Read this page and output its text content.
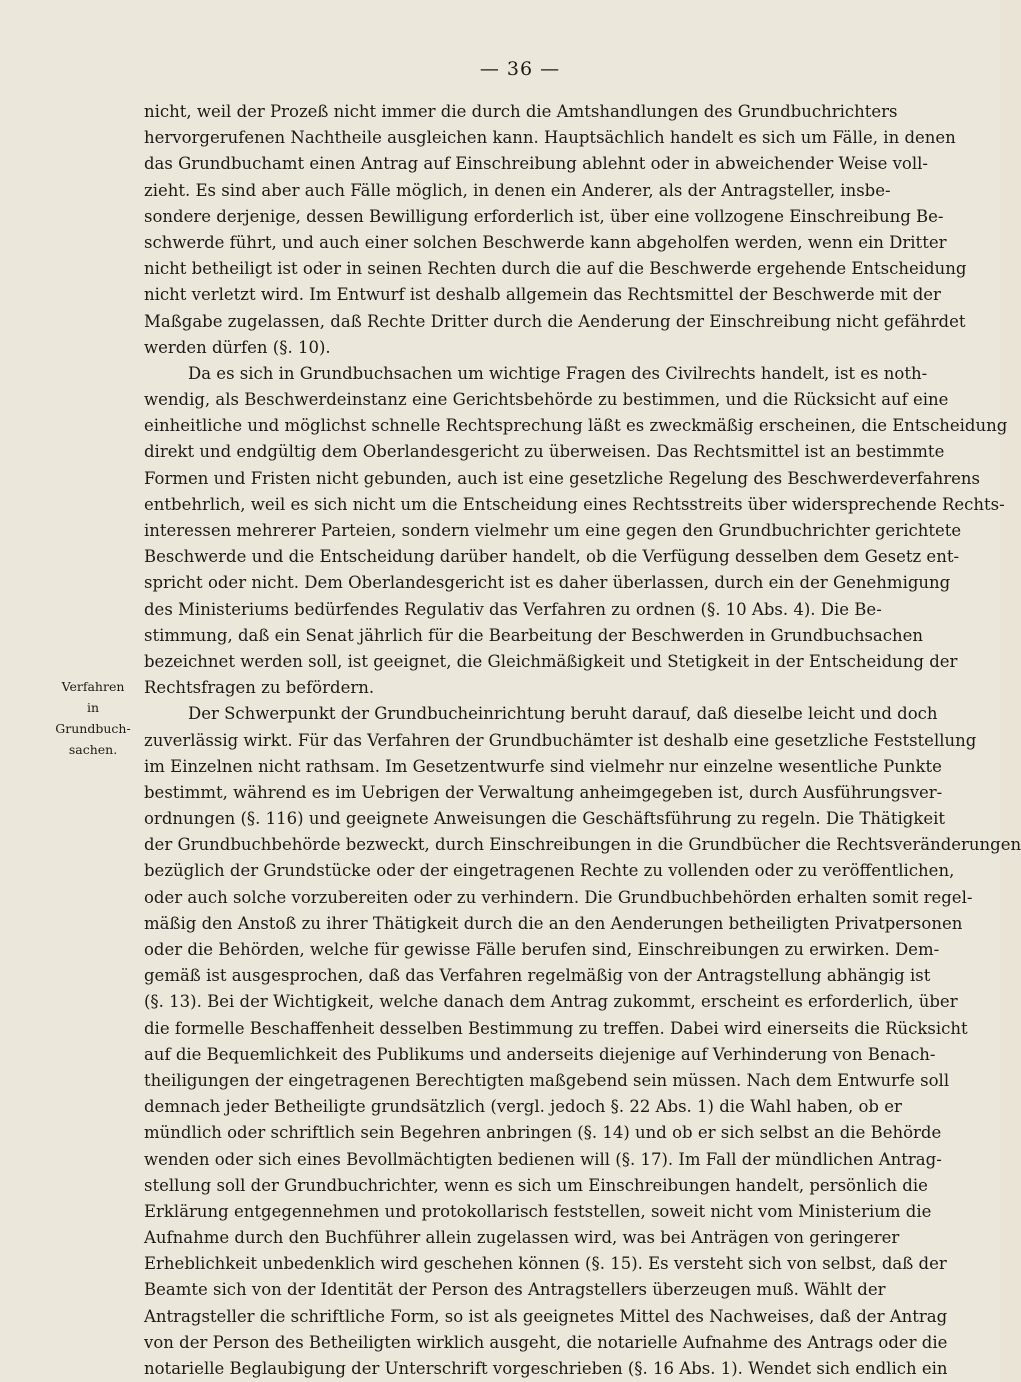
— 36 —
Verfahren
in
Grundbuch-
sachen.
nicht, weil der Prozeß nicht immer die durch die Amtshandlungen des Grundbuchrichters
hervorgerufenen Nachtheile ausgleichen kann. Hauptsächlich handelt es sich um Fälle, in denen
das Grundbuchamt einen Antrag auf Einschreibung ablehnt oder in abweichender Weise voll-
zieht. Es sind aber auch Fälle möglich, in denen ein Anderer, als der Antragsteller, insbe-
sondere derjenige, dessen Bewilligung erforderlich ist, über eine vollzogene Einschreibung Be-
schwerde führt, und auch einer solchen Beschwerde kann abgeholfen werden, wenn ein Dritter
nicht betheiligt ist oder in seinen Rechten durch die auf die Beschwerde ergehende Entscheidung
nicht verletzt wird. Im Entwurf ist deshalb allgemein das Rechtsmittel der Beschwerde mit der
Maßgabe zugelassen, daß Rechte Dritter durch die Aenderung der Einschreibung nicht gefährdet
werden dürfen (§. 10).
Da es sich in Grundbuchsachen um wichtige Fragen des Civilrechts handelt, ist es noth-
wendig, als Beschwerdeinstanz eine Gerichtsbehörde zu bestimmen, und die Rücksicht auf eine
einheitliche und möglichst schnelle Rechtsprechung läßt es zweckmäßig erscheinen, die Entscheidung
direkt und endgültig dem Oberlandesgericht zu überweisen. Das Rechtsmittel ist an bestimmte
Formen und Fristen nicht gebunden, auch ist eine gesetzliche Regelung des Beschwerdeverfahrens
entbehrlich, weil es sich nicht um die Entscheidung eines Rechtsstreits über widersprechende Rechts-
interessen mehrerer Parteien, sondern vielmehr um eine gegen den Grundbuchrichter gerichtete
Beschwerde und die Entscheidung darüber handelt, ob die Verfügung desselben dem Gesetz ent-
spricht oder nicht. Dem Oberlandesgericht ist es daher überlassen, durch ein der Genehmigung
des Ministeriums bedürfendes Regulativ das Verfahren zu ordnen (§. 10 Abs. 4). Die Be-
stimmung, daß ein Senat jährlich für die Bearbeitung der Beschwerden in Grundbuchsachen
bezeichnet werden soll, ist geeignet, die Gleichmäßigkeit und Stetigkeit in der Entscheidung der
Rechtsfragen zu befördern.
Der Schwerpunkt der Grundbucheinrichtung beruht darauf, daß dieselbe leicht und doch
zuverlässig wirkt. Für das Verfahren der Grundbuchämter ist deshalb eine gesetzliche Feststellung
im Einzelnen nicht rathsam. Im Gesetzentwurfe sind vielmehr nur einzelne wesentliche Punkte
bestimmt, während es im Uebrigen der Verwaltung anheimgegeben ist, durch Ausführungsver-
ordnungen (§. 116) und geeignete Anweisungen die Geschäftsführung zu regeln. Die Thätigkeit
der Grundbuchbehörde bezweckt, durch Einschreibungen in die Grundbücher die Rechtsveränderungen
bezüglich der Grundstücke oder der eingetragenen Rechte zu vollenden oder zu veröffentlichen,
oder auch solche vorzubereiten oder zu verhindern. Die Grundbuchbehörden erhalten somit regel-
mäßig den Anstoß zu ihrer Thätigkeit durch die an den Aenderungen betheiligten Privatpersonen
oder die Behörden, welche für gewisse Fälle berufen sind, Einschreibungen zu erwirken. Dem-
gemäß ist ausgesprochen, daß das Verfahren regelmäßig von der Antragstellung abhängig ist
(§. 13). Bei der Wichtigkeit, welche danach dem Antrag zukommt, erscheint es erforderlich, über
die formelle Beschaffenheit desselben Bestimmung zu treffen. Dabei wird einerseits die Rücksicht
auf die Bequemlichkeit des Publikums und anderseits diejenige auf Verhinderung von Benach-
theiligungen der eingetragenen Berechtigten maßgebend sein müssen. Nach dem Entwurfe soll
demnach jeder Betheiligte grundsätzlich (vergl. jedoch §. 22 Abs. 1) die Wahl haben, ob er
mündlich oder schriftlich sein Begehren anbringen (§. 14) und ob er sich selbst an die Behörde
wenden oder sich eines Bevollmächtigten bedienen will (§. 17). Im Fall der mündlichen Antrag-
stellung soll der Grundbuchrichter, wenn es sich um Einschreibungen handelt, persönlich die
Erklärung entgegennehmen und protokollarisch feststellen, soweit nicht vom Ministerium die
Aufnahme durch den Buchführer allein zugelassen wird, was bei Anträgen von geringerer
Erheblichkeit unbedenklich wird geschehen können (§. 15). Es versteht sich von selbst, daß der
Beamte sich von der Identität der Person des Antragstellers überzeugen muß. Wählt der
Antragsteller die schriftliche Form, so ist als geeignetes Mittel des Nachweises, daß der Antrag
von der Person des Betheiligten wirklich ausgeht, die notarielle Aufnahme des Antrags oder die
notarielle Beglaubigung der Unterschrift vorgeschrieben (§. 16 Abs. 1). Wendet sich endlich ein
